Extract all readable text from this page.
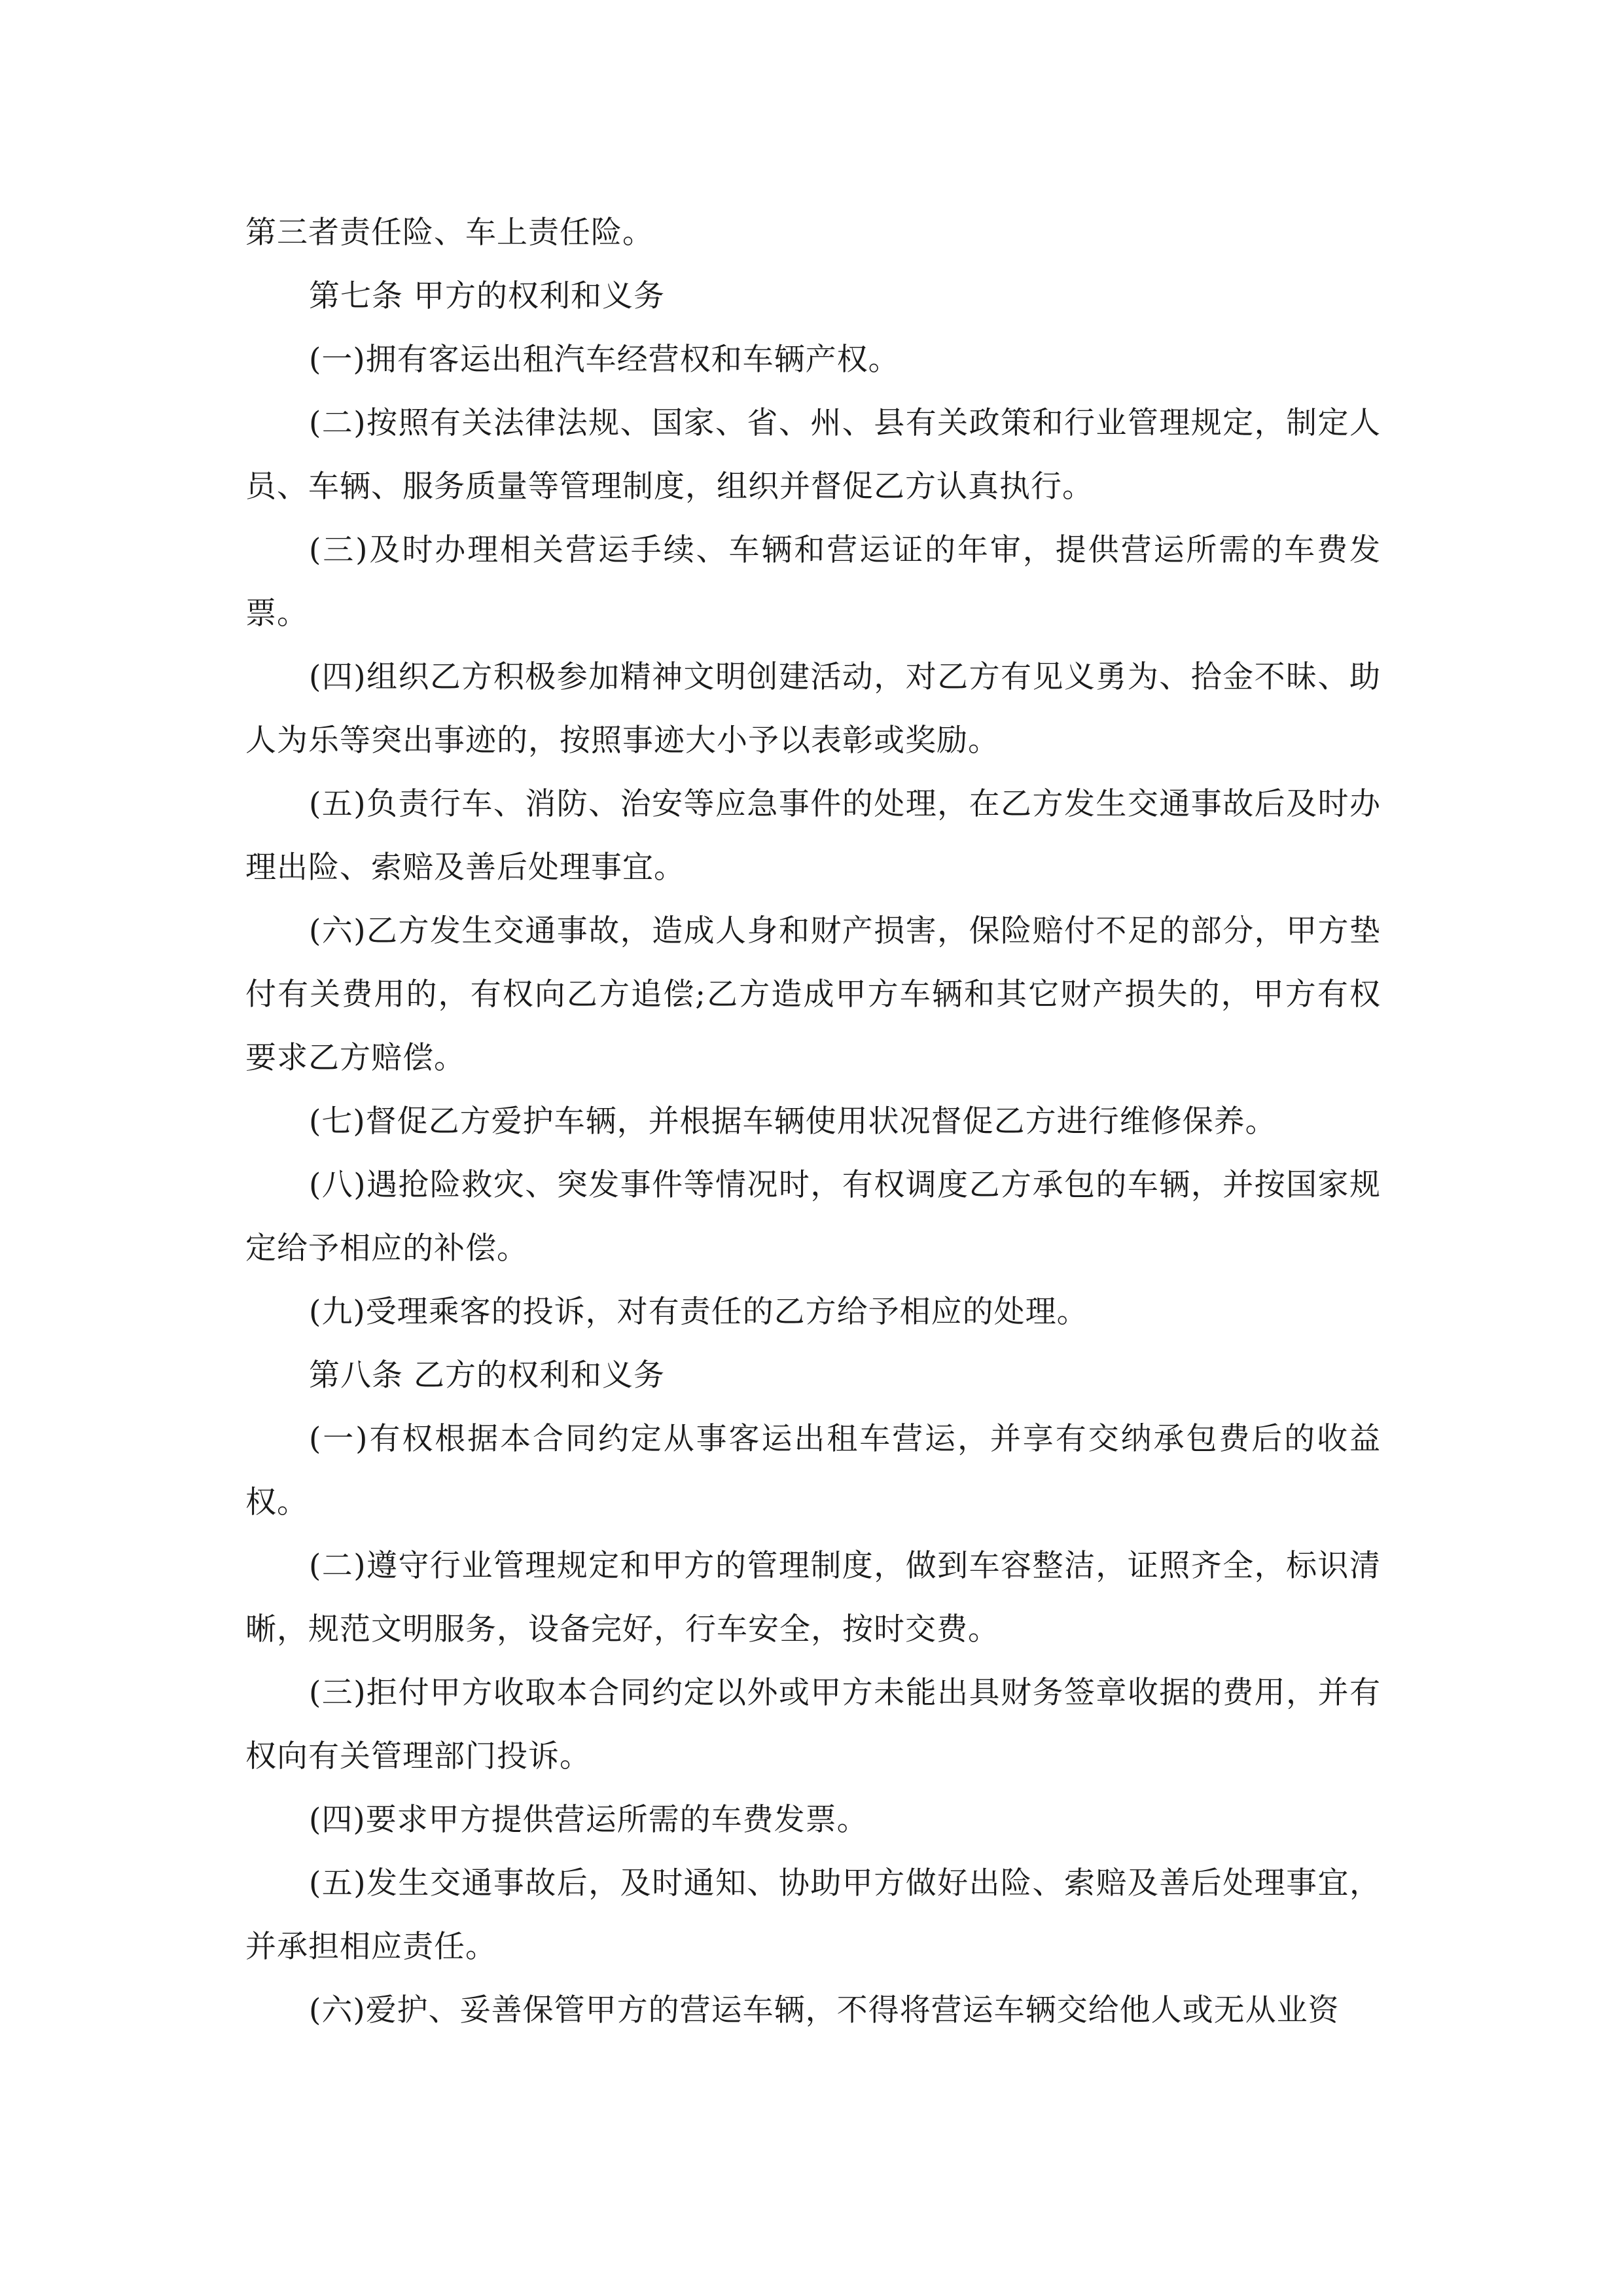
第三者责任险、车上责任险。

第七条 甲方的权利和义务

(一)拥有客运出租汽车经营权和车辆产权。

(二)按照有关法律法规、国家、省、州、县有关政策和行业管理规定，制定人员、车辆、服务质量等管理制度，组织并督促乙方认真执行。

(三)及时办理相关营运手续、车辆和营运证的年审，提供营运所需的车费发票。

(四)组织乙方积极参加精神文明创建活动，对乙方有见义勇为、拾金不昧、助人为乐等突出事迹的，按照事迹大小予以表彰或奖励。

(五)负责行车、消防、治安等应急事件的处理，在乙方发生交通事故后及时办理出险、索赔及善后处理事宜。

(六)乙方发生交通事故，造成人身和财产损害，保险赔付不足的部分，甲方垫付有关费用的，有权向乙方追偿;乙方造成甲方车辆和其它财产损失的，甲方有权要求乙方赔偿。

(七)督促乙方爱护车辆，并根据车辆使用状况督促乙方进行维修保养。

(八)遇抢险救灾、突发事件等情况时，有权调度乙方承包的车辆，并按国家规定给予相应的补偿。

(九)受理乘客的投诉，对有责任的乙方给予相应的处理。

第八条 乙方的权利和义务

(一)有权根据本合同约定从事客运出租车营运，并享有交纳承包费后的收益权。

(二)遵守行业管理规定和甲方的管理制度，做到车容整洁，证照齐全，标识清晰，规范文明服务，设备完好，行车安全，按时交费。

(三)拒付甲方收取本合同约定以外或甲方未能出具财务签章收据的费用，并有权向有关管理部门投诉。

(四)要求甲方提供营运所需的车费发票。

(五)发生交通事故后，及时通知、协助甲方做好出险、索赔及善后处理事宜，并承担相应责任。

(六)爱护、妥善保管甲方的营运车辆，不得将营运车辆交给他人或无从业资
